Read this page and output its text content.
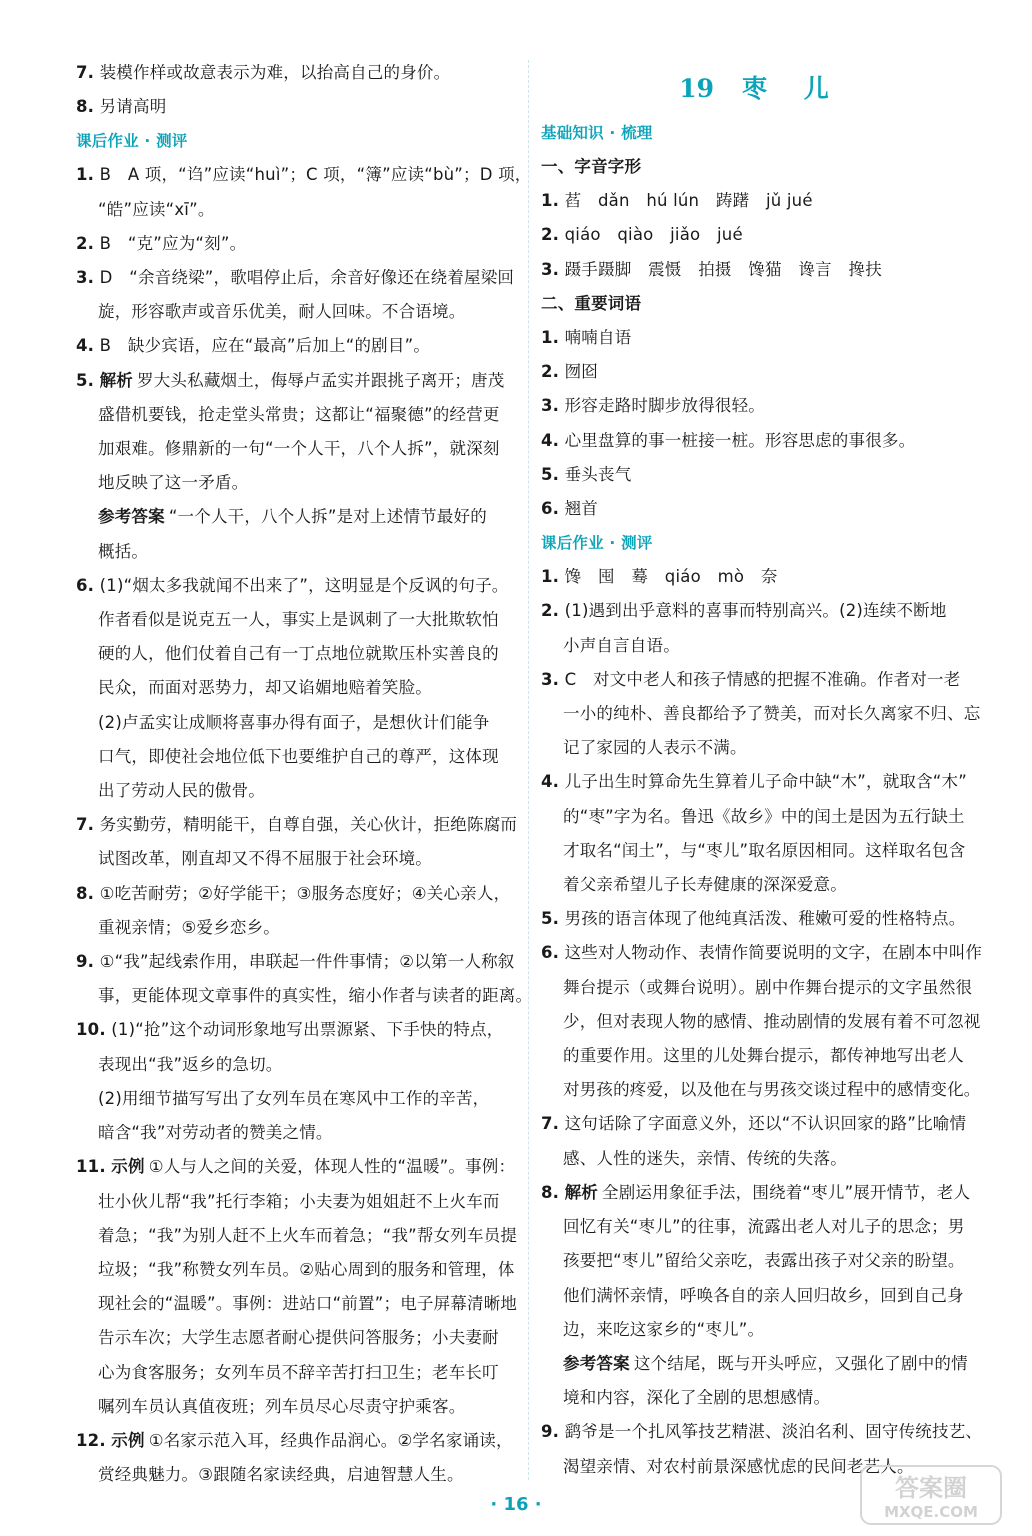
7. 装模作样或故意表示为难，以抬高自己的身价。
8. 另请高明
课后作业 · 测评
1. B　A 项，“诌”应读“huì”；C 项，“簿”应读“bù”；D 项，
“皓”应读“xī”。
2. B　“克”应为“刻”。
3. D　“余音绕梁”，歌唱停止后，余音好像还在绕着屋梁回
旋，形容歌声或音乐优美，耐人回味。不合语境。
4. B　缺少宾语，应在“最高”后加上“的剧目”。
5. 解析 罗大头私藏烟土，侮辱卢孟实并跟挑子离开；唐茂
盛借机要钱，抢走堂头常贵；这都让“福聚德”的经营更
加艰难。修鼎新的一句“一个人干，八个人拆”，就深刻
地反映了这一矛盾。
参考答案 “一个人干，八个人拆”是对上述情节最好的
概括。
6. (1)“烟太多我就闻不出来了”，这明显是个反讽的句子。
作者看似是说克五一人，事实上是讽刺了一大批欺软怕
硬的人，他们仗着自己有一丁点地位就欺压朴实善良的
民众，而面对恶势力，却又谄媚地赔着笑脸。
(2)卢孟实让成顺将喜事办得有面子，是想伙计们能争
口气，即使社会地位低下也要维护自己的尊严，这体现
出了劳动人民的傲骨。
7. 务实勤劳，精明能干，自尊自强，关心伙计，拒绝陈腐而
试图改革，刚直却又不得不屈服于社会环境。
8. ①吃苦耐劳；②好学能干；③服务态度好；④关心亲人，
重视亲情；⑤爱乡恋乡。
9. ①“我”起线索作用，串联起一件件事情；②以第一人称叙
事，更能体现文章事件的真实性，缩小作者与读者的距离。
10. (1)“抢”这个动词形象地写出票源紧、下手快的特点，
表现出“我”返乡的急切。
(2)用细节描写写出了女列车员在寒风中工作的辛苦，
暗含“我”对劳动者的赞美之情。
11. 示例 ①人与人之间的关爱，体现人性的“温暖”。事例：
壮小伙儿帮“我”托行李箱；小夫妻为姐姐赶不上火车而
着急；“我”为别人赶不上火车而着急；“我”帮女列车员提
垃圾；“我”称赞女列车员。②贴心周到的服务和管理，体
现社会的“温暖”。事例：进站口“前置”；电子屏幕清晰地
告示车次；大学生志愿者耐心提供问答服务；小夫妻耐
心为食客服务；女列车员不辞辛苦打扫卫生；老车长叮
嘱列车员认真值夜班；列车员尽心尽责守护乘客。
12. 示例 ①名家示范入耳，经典作品润心。②学名家诵读，
赏经典魅力。③跟随名家读经典，启迪智慧人生。
19 枣 儿
基础知识 · 梳理
一、字音字形
1. 萏　dǎn　hú lún　踌躇　jǔ jué
2. qiáo　qiào　jiǎo　jué
3. 蹑手蹑脚　震慑　拍摄　馋猫　谗言　搀扶
二、重要词语
1. 喃喃自语
2. 囫囵
3. 形容走路时脚步放得很轻。
4. 心里盘算的事一桩接一桩。形容思虑的事很多。
5. 垂头丧气
6. 翘首
课后作业 · 测评
1. 馋　囤　蓦　qiáo　mò　奈
2. (1)遇到出乎意料的喜事而特别高兴。(2)连续不断地
小声自言自语。
3. C　对文中老人和孩子情感的把握不准确。作者对一老
一小的纯朴、善良都给予了赞美，而对长久离家不归、忘
记了家园的人表示不满。
4. 儿子出生时算命先生算着儿子命中缺“木”，就取含“木”
的“枣”字为名。鲁迅《故乡》中的闰土是因为五行缺土
才取名“闰土”，与“枣儿”取名原因相同。这样取名包含
着父亲希望儿子长寿健康的深深爱意。
5. 男孩的语言体现了他纯真活泼、稚嫩可爱的性格特点。
6. 这些对人物动作、表情作简要说明的文字，在剧本中叫作
舞台提示（或舞台说明）。剧中作舞台提示的文字虽然很
少，但对表现人物的感情、推动剧情的发展有着不可忽视
的重要作用。这里的儿处舞台提示，都传神地写出老人
对男孩的疼爱，以及他在与男孩交谈过程中的感情变化。
7. 这句话除了字面意义外，还以“不认识回家的路”比喻情
感、人性的迷失，亲情、传统的失落。
8. 解析 全剧运用象征手法，围绕着“枣儿”展开情节，老人
回忆有关“枣儿”的往事，流露出老人对儿子的思念；男
孩要把“枣儿”留给父亲吃，表露出孩子对父亲的盼望。
他们满怀亲情，呼唤各自的亲人回归故乡，回到自己身
边，来吃这家乡的“枣儿”。
参考答案 这个结尾，既与开头呼应，又强化了剧中的情
境和内容，深化了全剧的思想感情。
9. 鹞爷是一个扎风筝技艺精湛、淡泊名利、固守传统技艺、
渴望亲情、对农村前景深感忧虑的民间老艺人。
· 16 ·
答案圈
MXQE.COM
